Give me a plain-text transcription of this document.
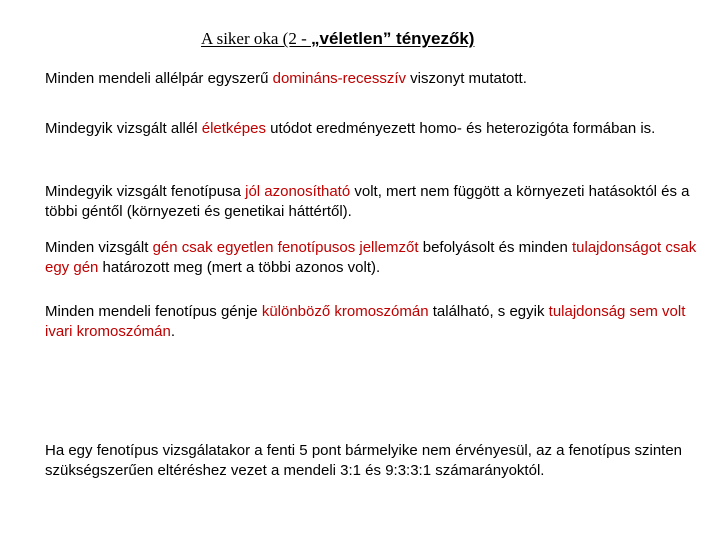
A siker oka (2 - „véletlen” tényezők)

Minden mendeli allélpár egyszerű domináns-recesszív viszonyt mutatott.

Mindegyik vizsgált allél életképes utódot eredményezett homo- és heterozigóta formában is.

Mindegyik vizsgált fenotípusa jól azonosítható volt, mert nem függött a környezeti hatásoktól és a többi géntől (környezeti és genetikai háttértől).

Minden vizsgált gén csak egyetlen fenotípusos jellemzőt befolyásolt és minden tulajdonságot csak egy gén határozott meg (mert a többi azonos volt).

Minden mendeli fenotípus génje különböző kromoszómán található, s egyik tulajdonság sem volt ivari kromoszómán.

Ha egy fenotípus vizsgálatakor a fenti 5 pont bármelyike nem érvényesül, az a fenotípus szinten szükségszerűen eltéréshez vezet a mendeli 3:1 és 9:3:3:1 számarányoktól.
